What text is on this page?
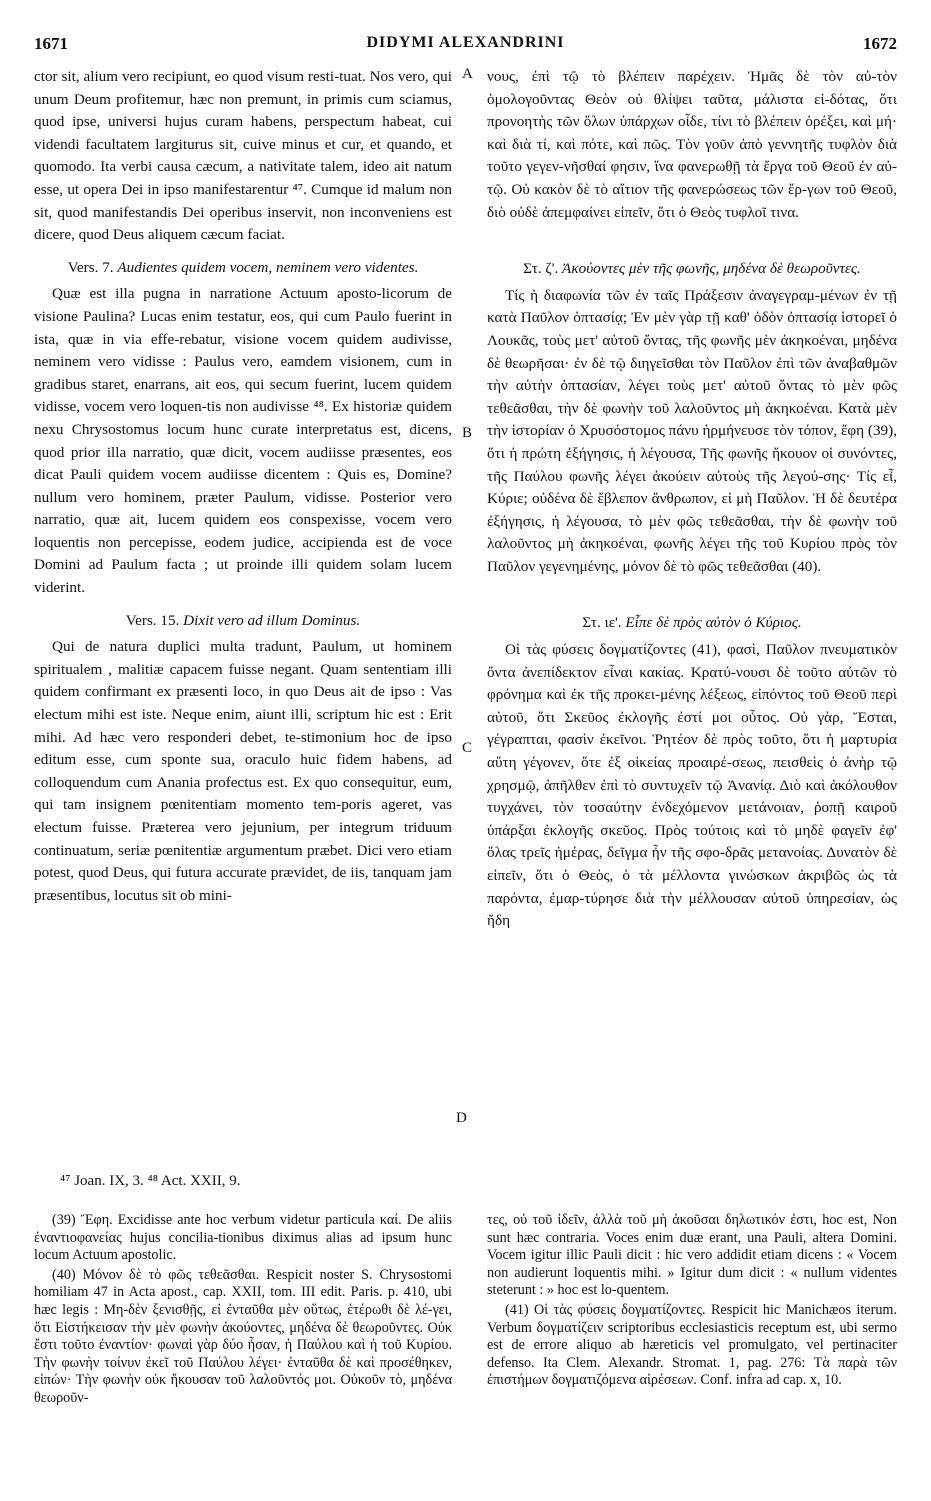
1671	DIDYMI ALEXANDRINI	1672
A
B
C
D

ctor sit, alium vero recipiunt, eo quod visum resti-tuat. Nos vero, qui unum Deum profitemur, hæc non premunt, in primis cum sciamus, quod ipse, universi hujus curam habens, perspectum habeat, cui videndi facultatem largiturus sit, cuive minus et cur, et quando, et quomodo. Ita verbi causa cæcum, a nativitate talem, ideo ait natum esse, ut opera Dei in ipso manifestarentur ⁴⁷. Cumque id malum non sit, quod manifestandis Dei operibus inservit, non inconveniens est dicere, quod Deus aliquem cæcum faciat.

Vers. 7. Audientes quidem vocem, neminem vero videntes.

Quæ est illa pugna in narratione Actuum aposto-licorum de visione Paulina? Lucas enim testatur, eos, qui cum Paulo fuerint in ista, quæ in via effe-rebatur, visione vocem quidem audivisse, neminem vero vidisse : Paulus vero, eamdem visionem, cum in gradibus staret, enarrans, ait eos, qui secum fuerint, lucem quidem vidisse, vocem vero loquen-tis non audivisse ⁴⁸. Ex historiæ quidem nexu Chrysostomus locum hunc curate interpretatus est, dicens, quod prior illa narratio, quæ dicit, vocem audiisse præsentes, eos dicat Pauli quidem vocem audiisse dicentem : Quis es, Domine? nullum vero hominem, præter Paulum, vidisse. Posterior vero narratio, quæ ait, lucem quidem eos conspexisse, vocem vero loquentis non percepisse, eodem judice, accipienda est de voce Domini ad Paulum facta ; ut proinde illi quidem solam lucem viderint.

Vers. 15. Dixit vero ad illum Dominus.

Qui de natura duplici multa tradunt, Paulum, ut hominem spiritualem , malitiæ capacem fuisse negant. Quam sententiam illi quidem confirmant ex præsenti loco, in quo Deus ait de ipso : Vas electum mihi est iste. Neque enim, aiunt illi, scriptum hic est : Erit mihi. Ad hæc vero responderi debet, te-stimonium hoc de ipso editum esse, cum sponte sua, oraculo huic fidem habens, ad colloquendum cum Anania profectus est. Ex quo consequitur, eum, qui tam insignem pœnitentiam momento tem-poris ageret, vas electum fuisse. Præterea vero jejunium, per integrum triduum continuatum, seriæ pœnitentiæ argumentum præbet. Dici vero etiam potest, quod Deus, qui futura accurate prævidet, de iis, tanquam jam præsentibus, locutus sit ob mini-

νους, ἐπὶ τῷ τὸ βλέπειν παρέχειν. Ἡμᾶς δὲ τὸν αὐ-τὸν ὁμολογοῦντας Θεὸν οὐ θλίψει ταῦτα, μάλιστα εἰ-δότας, ὅτι προνοητὴς τῶν ὅλων ὑπάρχων οἶδε, τίνι τὸ βλέπειν ὀρέξει, καὶ μή· καὶ διὰ τί, καὶ πότε, καὶ πῶς. Τὸν γοῦν ἀπὸ γεννητῆς τυφλὸν διὰ τοῦτο γεγεν-νῆσθαί φησιν, ἵνα φανερωθῇ τὰ ἔργα τοῦ Θεοῦ ἐν αὐ-τῷ. Οὐ κακὸν δὲ τὸ αἴτιον τῆς φανερώσεως τῶν ἔρ-γων τοῦ Θεοῦ, διὸ οὐδὲ ἀπεμφαίνει εἰπεῖν, ὅτι ὁ Θεὸς τυφλοῖ τινα.

Στ. ζ'. Ἀκούοντες μὲν τῆς φωνῆς, μηδένα δὲ θεωροῦντες.

Τίς ἡ διαφωνία τῶν ἐν ταῖς Πράξεσιν ἀναγεγραμ-μένων ἐν τῇ κατὰ Παῦλον ὀπτασίᾳ; Ἐν μὲν γὰρ τῇ καθ' ὁδὸν ὀπτασίᾳ ἱστορεῖ ὁ Λουκᾶς, τοὺς μετ' αὐτοῦ ὄντας, τῆς φωνῆς μὲν ἀκηκοέναι, μηδένα δὲ θεωρῆσαι· ἐν δὲ τῷ διηγεῖσθαι τὸν Παῦλον ἐπὶ τῶν ἀναβαθμῶν τὴν αὐτὴν ὀπτασίαν, λέγει τοὺς μετ' αὐτοῦ ὄντας τὸ μὲν φῶς τεθεᾶσθαι, τὴν δὲ φωνὴν τοῦ λαλοῦντος μὴ ἀκηκοέναι. Κατὰ μὲν τὴν ἱστορίαν ὁ Χρυσόστομος πάνυ ἡρμήνευσε τὸν τόπον, ἔφη (39), ὅτι ἡ πρώτη ἐξήγησις, ἡ λέγουσα, Τῆς φωνῆς ἤκουον οἱ συνόντες, τῆς Παύλου φωνῆς λέγει ἀκούειν αὐτοὺς τῆς λεγού-σης· Τίς εἶ, Κύριε; οὐδένα δὲ ἔβλεπον ἄνθρωπον, εἰ μὴ Παῦλον. Ἡ δὲ δευτέρα ἐξήγησις, ἡ λέγουσα, τὸ μὲν φῶς τεθεᾶσθαι, τὴν δὲ φωνὴν τοῦ λαλοῦντος μὴ ἀκηκοέναι, φωνῆς λέγει τῆς τοῦ Κυρίου πρὸς τὸν Παῦλον γεγενημένης, μόνον δὲ τὸ φῶς τεθεᾶσθαι (40).

Στ. ιε'. Εἶπε δὲ πρὸς αὐτὸν ὁ Κύριος.

Οἱ τὰς φύσεις δογματίζοντες (41), φασὶ, Παῦλον πνευματικὸν ὄντα ἀνεπίδεκτον εἶναι κακίας. Κρατύ-νουσι δὲ τοῦτο αὐτῶν τὸ φρόνημα καὶ ἐκ τῆς προκει-μένης λέξεως, εἰπόντος τοῦ Θεοῦ περὶ αὐτοῦ, ὅτι Σκεῦος ἐκλογῆς ἐστί μοι οὗτος. Οὐ γὰρ, Ἔσται, γέγραπται, φασὶν ἐκεῖνοι. Ῥητέον δὲ πρὸς τοῦτο, ὅτι ἡ μαρτυρία αὕτη γέγονεν, ὅτε ἐξ οἰκείας προαιρέ-σεως, πεισθεὶς ὁ ἀνὴρ τῷ χρησμῷ, ἀπῆλθεν ἐπὶ τὸ συντυχεῖν τῷ Ἀνανίᾳ. Διὸ καὶ ἀκόλουθον τυγχάνει, τὸν τοσαύτην ἐνδεχόμενον μετάνοιαν, ῥοπῇ καιροῦ ὑπάρξαι ἐκλογῆς σκεῦος. Πρὸς τούτοις καὶ τὸ μηδὲ φαγεῖν ἐφ' ὅλας τρεῖς ἡμέρας, δεῖγμα ἦν τῆς σφο-δρᾶς μετανοίας. Δυνατὸν δὲ εἰπεῖν, ὅτι ὁ Θεὸς, ὁ τὰ μέλλοντα γινώσκων ἀκριβῶς ὡς τὰ παρόντα, ἐμαρ-τύρησε διὰ τὴν μέλλουσαν αὐτοῦ ὑπηρεσίαν, ὡς ἤδη

⁴⁷ Joan. IX, 3. ⁴⁸ Act. XXII, 9.

(39) Ἔφη. Excidisse ante hoc verbum videtur particula καί. De aliis ἐναντιοφανείας hujus concilia-tionibus diximus alias ad ipsum hunc locum Actuum apostolic.

(40) Μόνον δὲ τὸ φῶς τεθεᾶσθαι. Respicit noster S. Chrysostomi homiliam 47 in Acta apost., cap. XXII, tom. III edit. Paris. p. 410, ubi hæc legis : Μη-δὲν ξενισθῇς, εἰ ἐνταῦθα μὲν οὕτως, ἑτέρωθι δὲ λέ-γει, ὅτι Εἱστήκεισαν τὴν μὲν φωνὴν ἀκούοντες, μηδένα δὲ θεωροῦντες. Οὐκ ἔστι τοῦτο ἐναντίον· φωναὶ γὰρ δύο ἦσαν, ἡ Παύλου καὶ ἡ τοῦ Κυρίου. Τὴν φωνὴν τοίνυν ἐκεῖ τοῦ Παύλου λέγει· ἐνταῦθα δὲ καὶ προσέθηκεν, εἰπών· Τὴν φωνὴν οὐκ ἤκουσαν τοῦ λαλοῦντός μοι. Οὐκοῦν τὸ, μηδένα θεωροῦν-

τες, οὐ τοῦ ἰδεῖν, ἀλλὰ τοῦ μὴ ἀκοῦσαι δηλωτικόν ἐστι, hoc est, Non sunt hæc contraria. Voces enim duæ erant, una Pauli, altera Domini. Vocem igitur illic Pauli dicit : hic vero addidit etiam dicens : « Vocem non audierunt loquentis mihi. » Igitur dum dicit : « nullum videntes steterunt : » hoc est lo-quentem.

(41) Οἱ τὰς φύσεις δογματίζοντες. Respicit hic Manichæos iterum. Verbum δογματίζειν scriptoribus ecclesiasticis receptum est, ubi sermo est de errore aliquo ab hæreticis vel promulgato, vel pertinaciter defenso. Ita Clem. Alexandr. Stromat. 1, pag. 276: Τὰ παρὰ τῶν ἐπιστήμων δογματιζόμενα αἱρέσεων. Conf. infra ad cap. x, 10.
